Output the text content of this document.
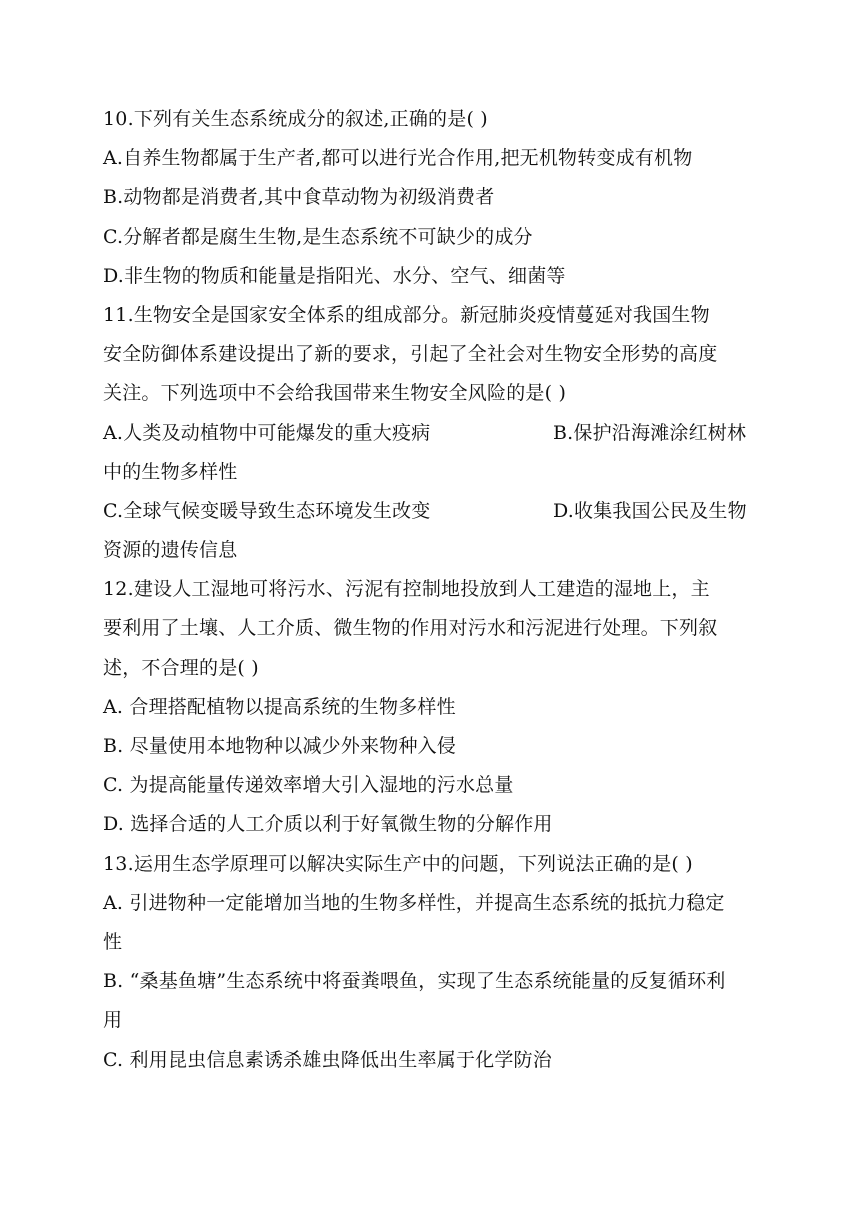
10.下列有关生态系统成分的叙述,正确的是( )
A.自养生物都属于生产者,都可以进行光合作用,把无机物转变成有机物
B.动物都是消费者,其中食草动物为初级消费者
C.分解者都是腐生生物,是生态系统不可缺少的成分
D.非生物的物质和能量是指阳光、水分、空气、细菌等
11.生物安全是国家安全体系的组成部分。新冠肺炎疫情蔓延对我国生物
安全防御体系建设提出了新的要求，引起了全社会对生物安全形势的高度
关注。下列选项中不会给我国带来生物安全风险的是( )
A.人类及动植物中可能爆发的重大疫病	B.保护沿海滩涂红树林
中的生物多样性
C.全球气候变暖导致生态环境发生改变	D.收集我国公民及生物
资源的遗传信息
12.建设人工湿地可将污水、污泥有控制地投放到人工建造的湿地上，主
要利用了土壤、人工介质、微生物的作用对污水和污泥进行处理。下列叙
述，不合理的是( )
A. 合理搭配植物以提高系统的生物多样性
B. 尽量使用本地物种以减少外来物种入侵
C. 为提高能量传递效率增大引入湿地的污水总量
D. 选择合适的人工介质以利于好氧微生物的分解作用
13.运用生态学原理可以解决实际生产中的问题，下列说法正确的是( )
A. 引进物种一定能增加当地的生物多样性，并提高生态系统的抵抗力稳定
性
B. “桑基鱼塘”生态系统中将蚕粪喂鱼，实现了生态系统能量的反复循环利
用
C. 利用昆虫信息素诱杀雄虫降低出生率属于化学防治
